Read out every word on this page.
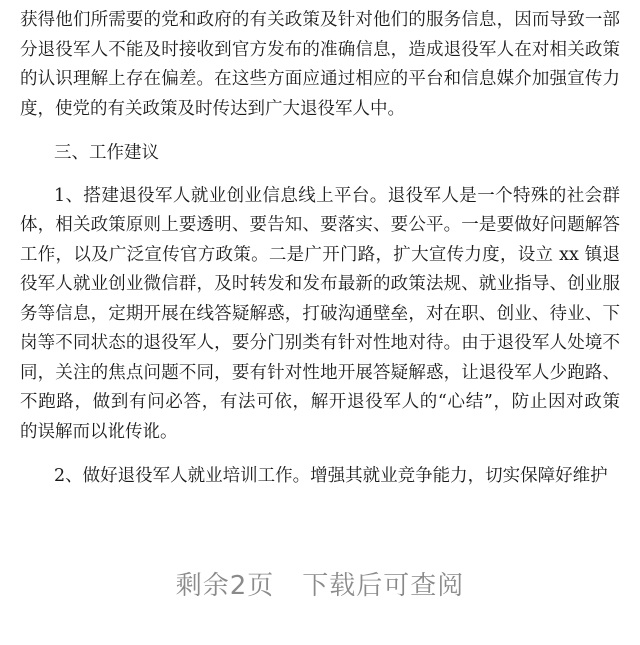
获得他们所需要的党和政府的有关政策及针对他们的服务信息，因而导致一部
分退役军人不能及时接收到官方发布的准确信息，造成退役军人在对相关政策
的认识理解上存在偏差。在这些方面应通过相应的平台和信息媒介加强宣传力
度，使党的有关政策及时传达到广大退役军人中。

三、工作建议

1、搭建退役军人就业创业信息线上平台。退役军人是一个特殊的社会群
体，相关政策原则上要透明、要告知、要落实、要公平。一是要做好问题解答
工作，以及广泛宣传官方政策。二是广开门路，扩大宣传力度，设立 xx 镇退
役军人就业创业微信群，及时转发和发布最新的政策法规、就业指导、创业服
务等信息，定期开展在线答疑解惑，打破沟通壁垒，对在职、创业、待业、下
岗等不同状态的退役军人，要分门别类有针对性地对待。由于退役军人处境不
同，关注的焦点问题不同，要有针对性地开展答疑解惑，让退役军人少跑路、
不跑路，做到有问必答，有法可依，解开退役军人的“心结”，防止因对政策
的误解而以讹传讹。

2、做好退役军人就业培训工作。增强其就业竞争能力，切实保障好维护

剩余2页 下载后可查阅
